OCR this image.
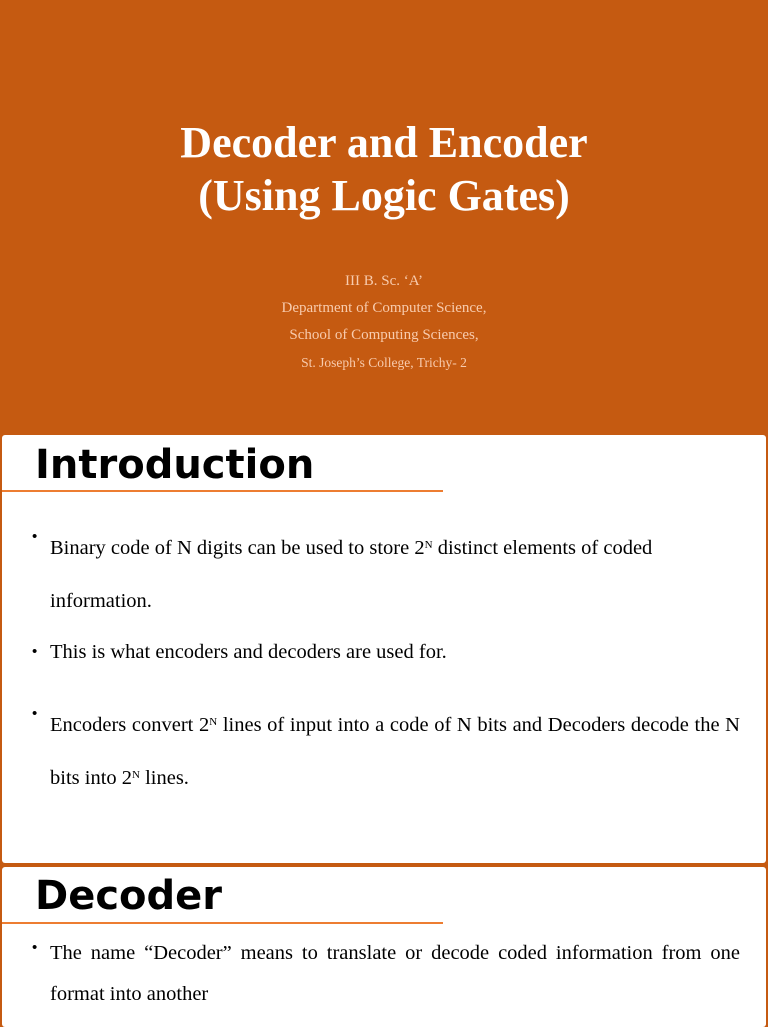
Decoder and Encoder
(Using Logic Gates)
III B. Sc. ‘A’
Department of Computer Science,
School of Computing Sciences,
St. Joseph’s College, Trichy- 2
Introduction
•
Binary code of N digits can be used to store $2^N$ distinct elements of coded information.
• This is what encoders and decoders are used for.
•
Encoders convert $2^N$ lines of input into a code of N bits and Decoders decode the N bits into $2^N$ lines.
Decoder
• The name “Decoder” means to translate or decode coded information from one format into another
